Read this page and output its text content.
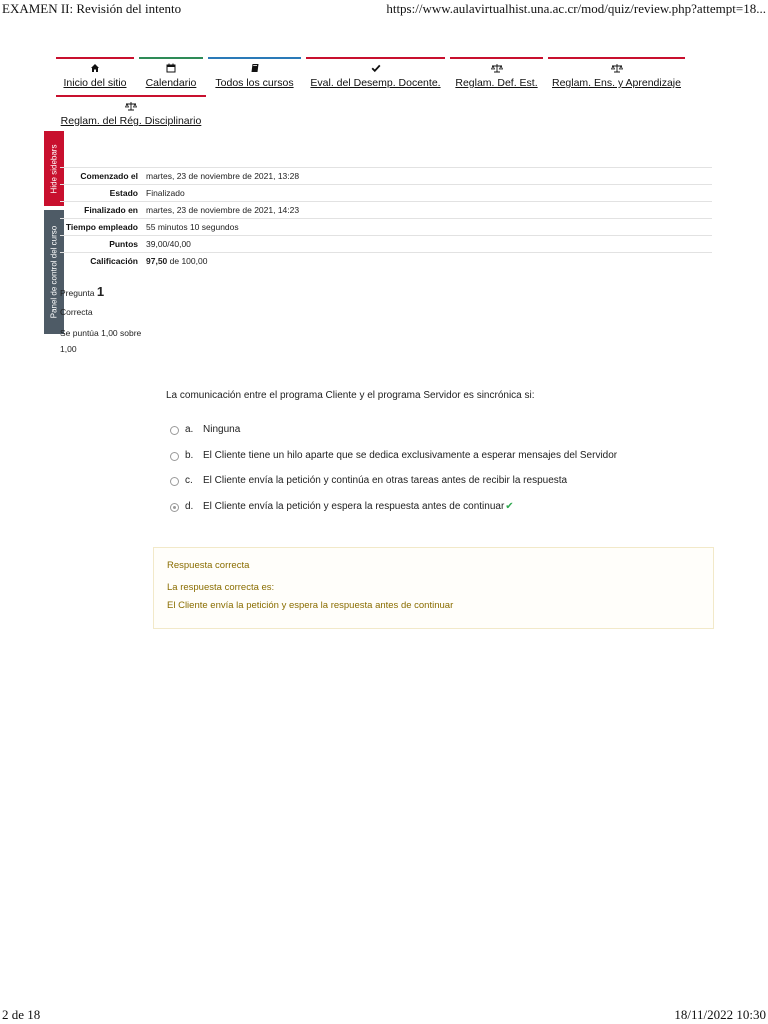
EXAMEN II: Revisión del intento	https://www.aulavirtualhist.una.ac.cr/mod/quiz/review.php?attempt=18...
Inicio del sitio	Calendario	Todos los cursos	Eval. del Desemp. Docente.	Reglam. Def. Est.	Reglam. Ens. y Aprendizaje
Reglam. del Rég. Disciplinario
Hide sidebars
Panel de control del curso
Comenzado el	martes, 23 de noviembre de 2021, 13:28
Estado	Finalizado
Finalizado en	martes, 23 de noviembre de 2021, 14:23
Tiempo empleado	55 minutos 10 segundos
Puntos	39,00/40,00
Calificación	97,50 de 100,00
Pregunta 1
Correcta
Se puntúa 1,00 sobre 1,00
La comunicación entre el programa Cliente y el programa Servidor es sincrónica si:
a. Ninguna
b. El Cliente tiene un hilo aparte que se dedica exclusivamente a esperar mensajes del Servidor
c.	El Cliente envía la petición y continúa en otras tareas antes de recibir la respuesta
d. El Cliente envía la petición y espera la respuesta antes de continuar ✔
Respuesta correcta
La respuesta correcta es:
El Cliente envía la petición y espera la respuesta antes de continuar
2 de 18	18/11/2022 10:30
